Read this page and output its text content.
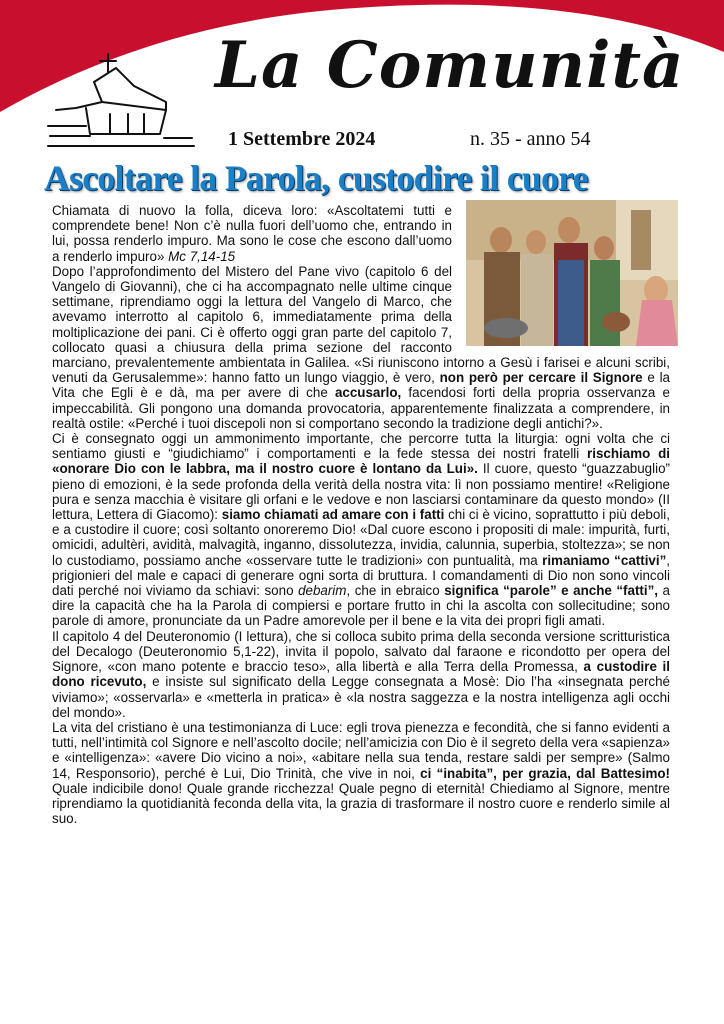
La Comunità
1 Settembre 2024	n. 35 - anno 54
Ascoltare la Parola, custodire il cuore

Chiamata di nuovo la folla, diceva loro: «Ascoltatemi tutti e comprendete bene! Non c’è nulla fuori dell’uomo che, entrando in lui, possa renderlo impuro. Ma sono le cose che escono dall’uomo a renderlo impuro» Mc 7,14-15

Dopo l’approfondimento del Mistero del Pane vivo (capitolo 6 del Vangelo di Giovanni), che ci ha accompagnato nelle ultime cinque settimane, riprendiamo oggi la lettura del Vangelo di Marco, che avevamo interrotto al capitolo 6, immediatamente prima della moltiplicazione dei pani. Ci è offerto oggi gran parte del capitolo 7, collocato quasi a chiusura della prima sezione del racconto marciano, prevalentemente ambientata in Galilea. «Si riuniscono intorno a Gesù i farisei e alcuni scribi, venuti da Gerusalemme»: hanno fatto un lungo viaggio, è vero, non però per cercare il Signore e la Vita che Egli è e dà, ma per avere di che accusarlo, facendosi forti della propria osservanza e impeccabilità. Gli pongono una domanda provocatoria, apparentemente finalizzata a comprendere, in realtà ostile: «Perché i tuoi discepoli non si comportano secondo la tradizione degli antichi?».

Ci è consegnato oggi un ammonimento importante, che percorre tutta la liturgia: ogni volta che ci sentiamo giusti e “giudichiamo” i comportamenti e la fede stessa dei nostri fratelli rischiamo di «onorare Dio con le labbra, ma il nostro cuore è lontano da Lui». Il cuore, questo “guazzabuglio” pieno di emozioni, è la sede profonda della verità della nostra vita: lì non possiamo mentire! «Religione pura e senza macchia è visitare gli orfani e le vedove e non lasciarsi contaminare da questo mondo» (II lettura, Lettera di Giacomo): siamo chiamati ad amare con i fatti chi ci è vicino, soprattutto i più deboli, e a custodire il cuore; così soltanto onoreremo Dio! «Dal cuore escono i propositi di male: impurità, furti, omicidi, adultèri, avidità, malvagità, inganno, dissolutezza, invidia, calunnia, superbia, stoltezza»; se non lo custodiamo, possiamo anche «osservare tutte le tradizioni» con puntualità, ma rimaniamo “cattivi”, prigionieri del male e capaci di generare ogni sorta di bruttura. I comandamenti di Dio non sono vincoli dati perché noi viviamo da schiavi: sono debarim, che in ebraico significa “parole” e anche “fatti”, a dire la capacità che ha la Parola di compiersi e portare frutto in chi la ascolta con sollecitudine; sono parole di amore, pronunciate da un Padre amorevole per il bene e la vita dei propri figli amati.

Il capitolo 4 del Deuteronomio (I lettura), che si colloca subito prima della seconda versione scritturistica del Decalogo (Deuteronomio 5,1-22), invita il popolo, salvato dal faraone e ricondotto per opera del Signore, «con mano potente e braccio teso», alla libertà e alla Terra della Promessa, a custodire il dono ricevuto, e insiste sul significato della Legge consegnata a Mosè: Dio l’ha «insegnata perché viviamo»; «osservarla» e «metterla in pratica» è «la nostra saggezza e la nostra intelligenza agli occhi del mondo».

La vita del cristiano è una testimonianza di Luce: egli trova pienezza e fecondità, che si fanno evidenti a tutti, nell’intimità col Signore e nell’ascolto docile; nell’amicizia con Dio è il segreto della vera «sapienza» e «intelligenza»: «avere Dio vicino a noi», «abitare nella sua tenda, restare saldi per sempre» (Salmo 14, Responsorio), perché è Lui, Dio Trinità, che vive in noi, ci “inabita”, per grazia, dal Battesimo! Quale indicibile dono! Quale grande ricchezza! Quale pegno di eternità! Chiediamo al Signore, mentre riprendiamo la quotidianità feconda della vita, la grazia di trasformare il nostro cuore e renderlo simile al suo.
